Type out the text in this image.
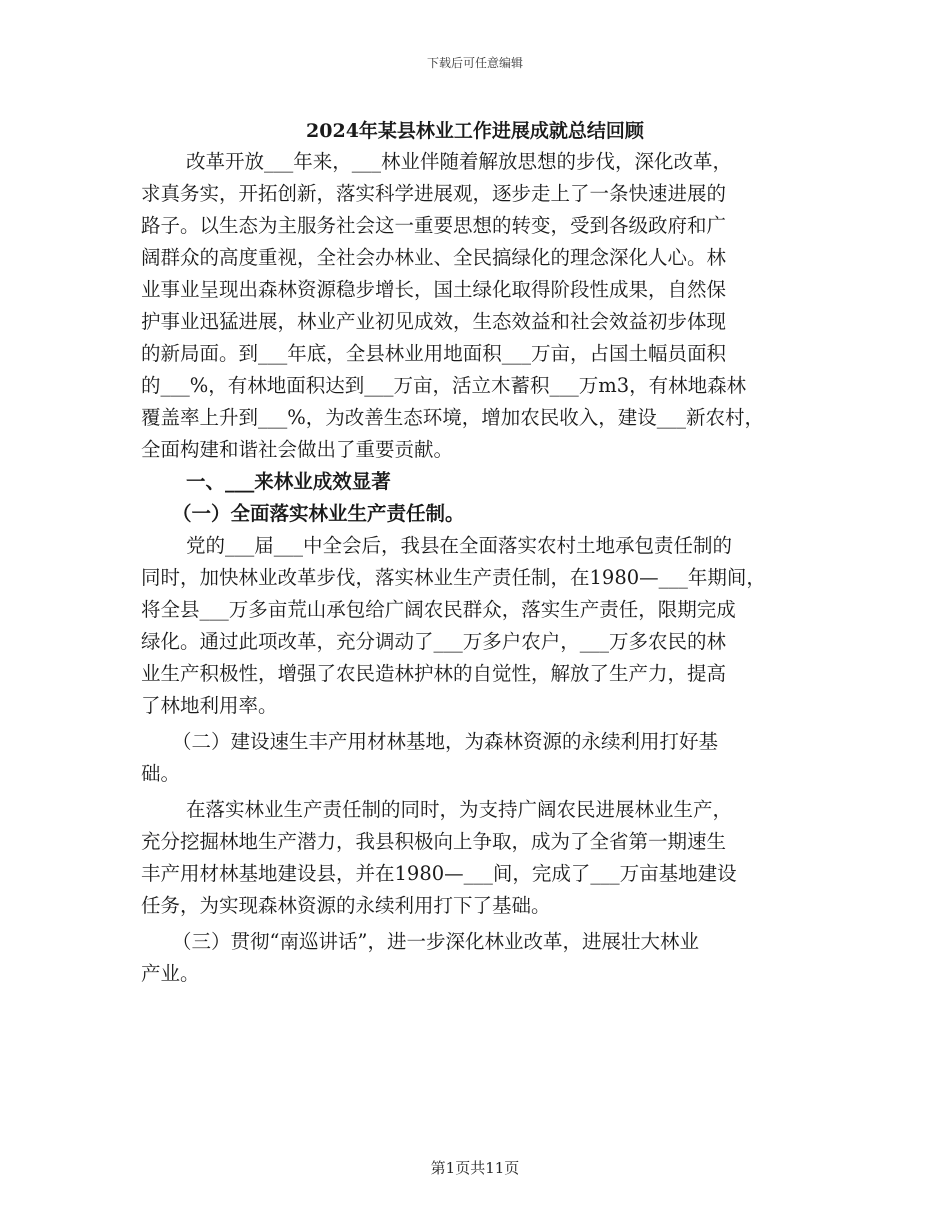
下载后可任意编辑
2024年某县林业工作进展成就总结回顾
改革开放___年来，___林业伴随着解放思想的步伐，深化改革，
求真务实，开拓创新，落实科学进展观，逐步走上了一条快速进展的
路子。以生态为主服务社会这一重要思想的转变，受到各级政府和广
阔群众的高度重视，全社会办林业、全民搞绿化的理念深化人心。林
业事业呈现出森林资源稳步增长，国土绿化取得阶段性成果，自然保
护事业迅猛进展，林业产业初见成效，生态效益和社会效益初步体现
的新局面。到___年底，全县林业用地面积___万亩，占国土幅员面积
的___%，有林地面积达到___万亩，活立木蓄积___万m3，有林地森林
覆盖率上升到___%，为改善生态环境，增加农民收入，建设___新农村，
全面构建和谐社会做出了重要贡献。
一、___来林业成效显著
（一）全面落实林业生产责任制。
党的___届___中全会后，我县在全面落实农村土地承包责任制的
同时，加快林业改革步伐，落实林业生产责任制，在1980—___年期间，
将全县___万多亩荒山承包给广阔农民群众，落实生产责任，限期完成
绿化。通过此项改革，充分调动了___万多户农户，___万多农民的林
业生产积极性，增强了农民造林护林的自觉性，解放了生产力，提高
了林地利用率。
（二）建设速生丰产用材林基地，为森林资源的永续利用打好基
础。
在落实林业生产责任制的同时，为支持广阔农民进展林业生产，
充分挖掘林地生产潜力，我县积极向上争取，成为了全省第一期速生
丰产用材林基地建设县，并在1980—___间，完成了___万亩基地建设
任务，为实现森林资源的永续利用打下了基础。
（三）贯彻“南巡讲话”，进一步深化林业改革，进展壮大林业
产业。
第1页共11页
